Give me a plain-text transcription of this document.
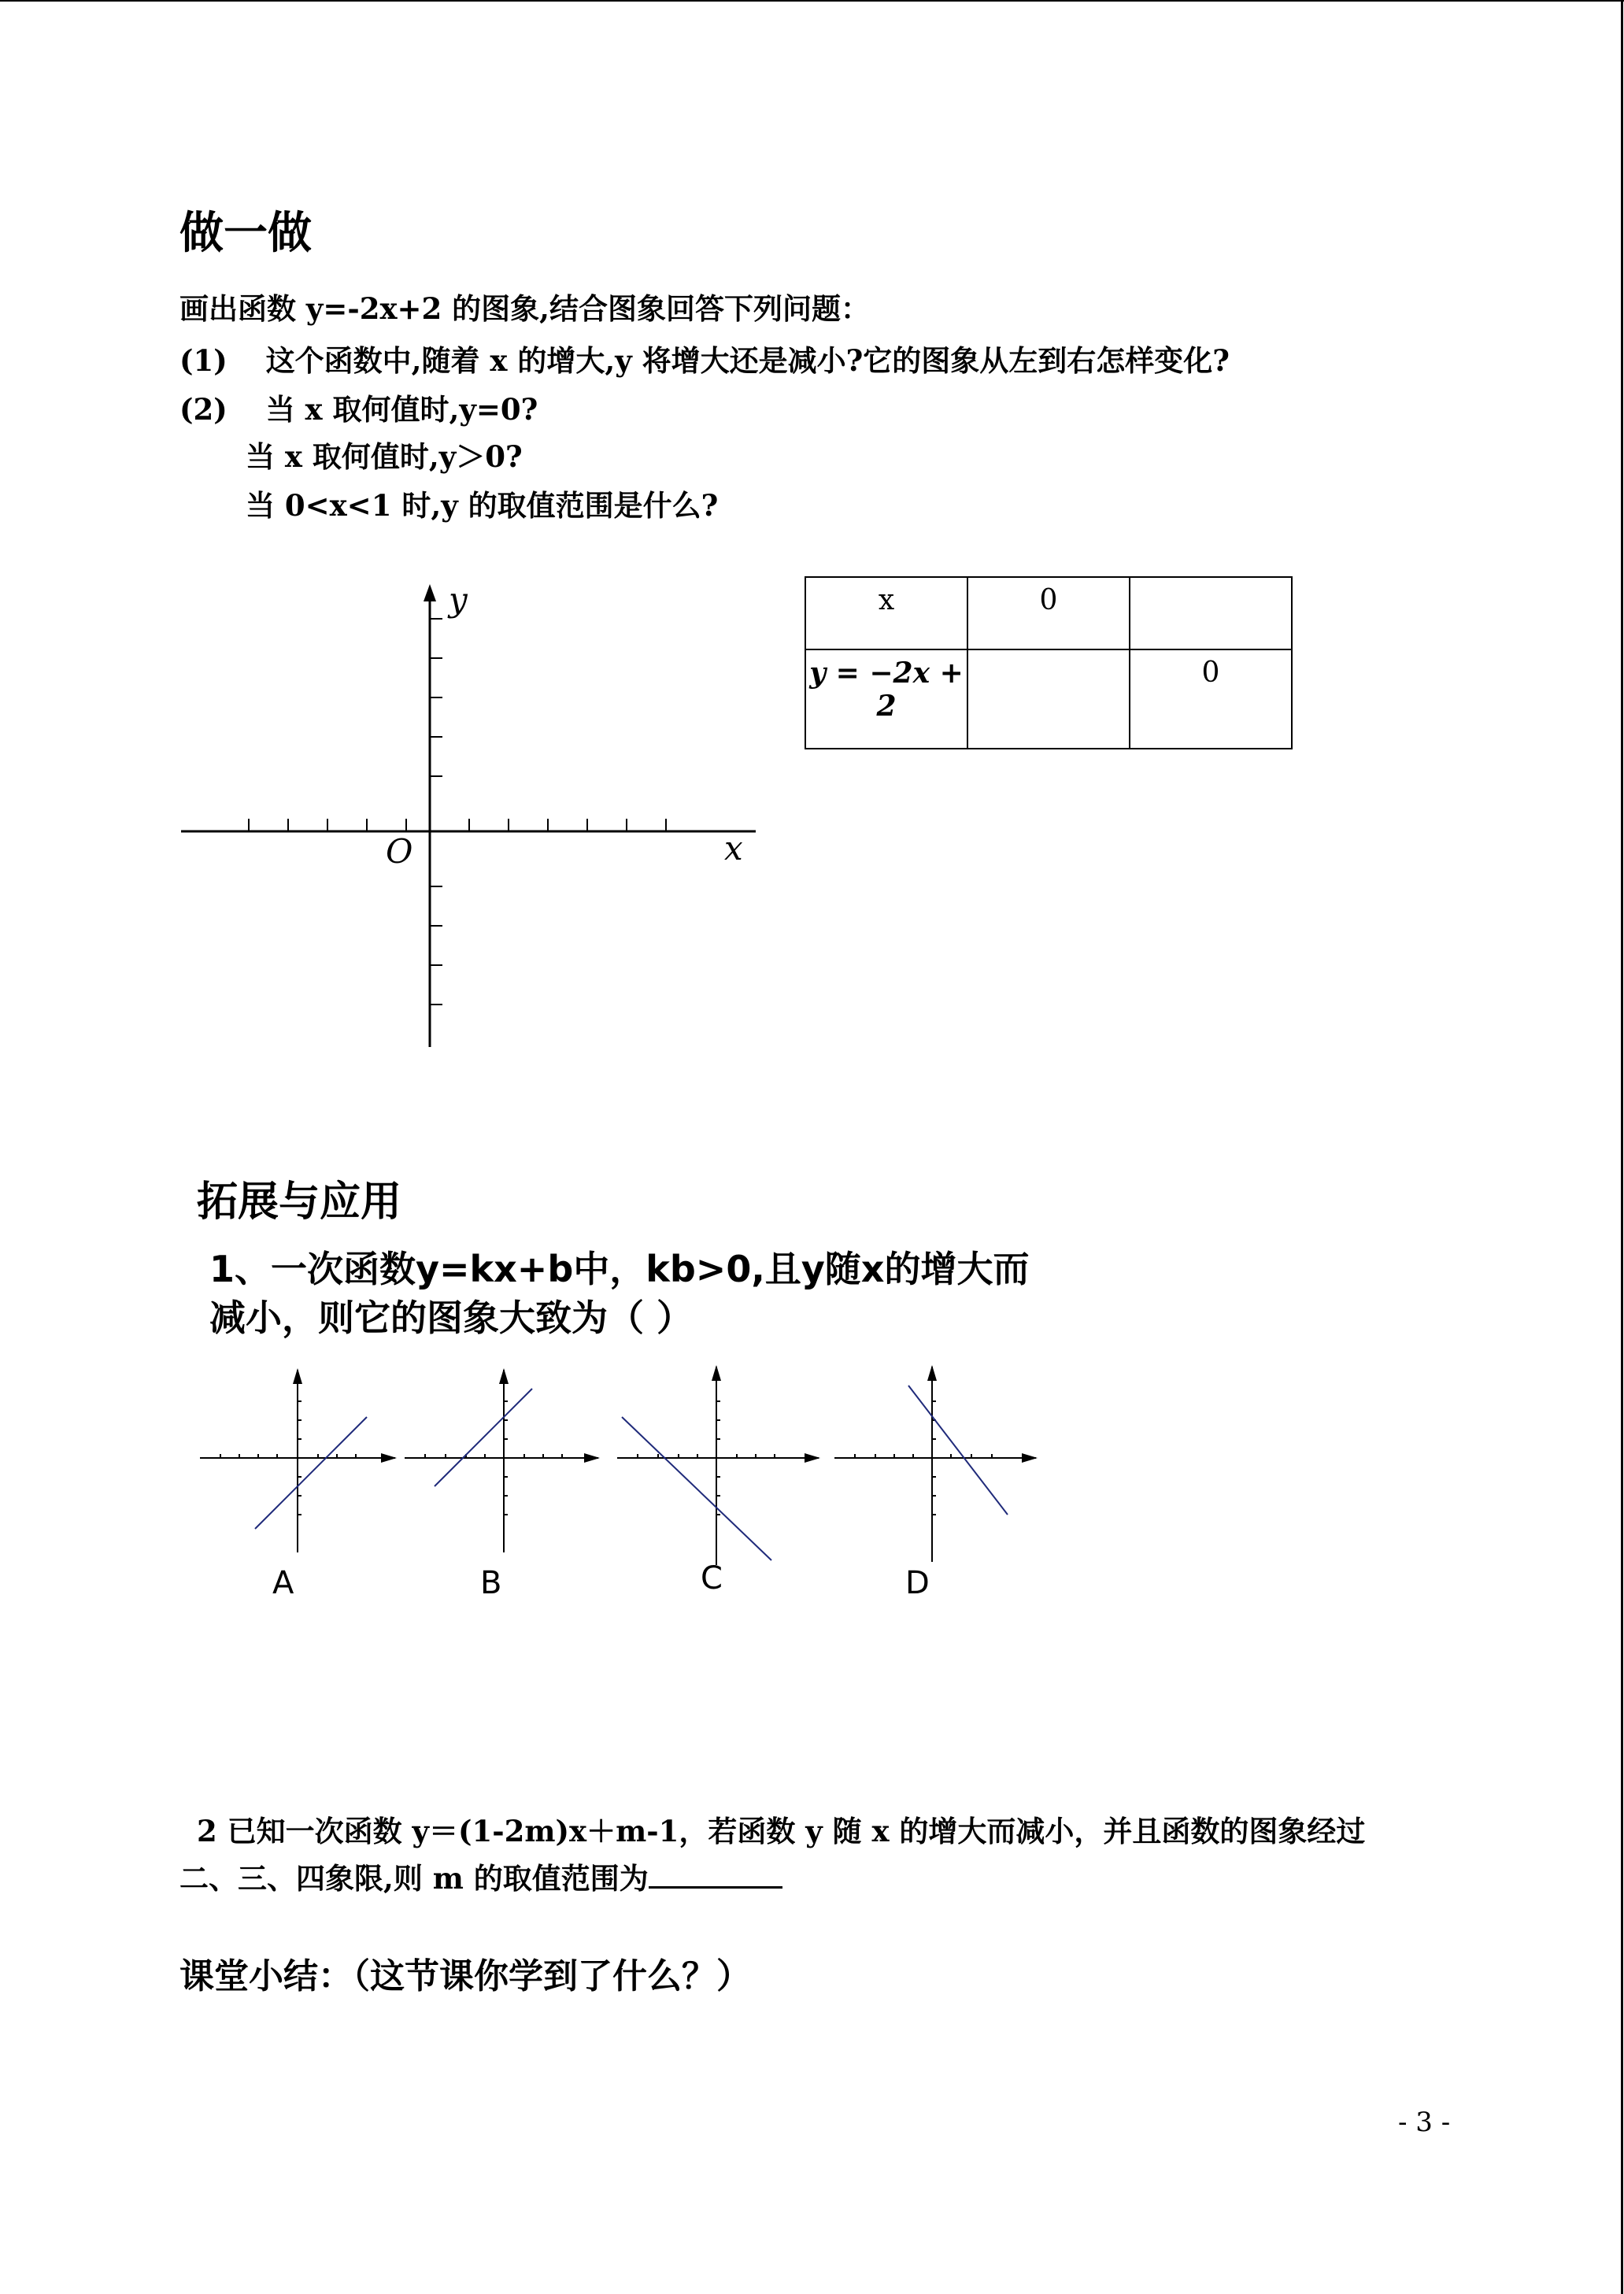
做一做
画出函数 y=-2x+2 的图象,结合图象回答下列问题：
(1) 这个函数中,随着 x 的增大,y 将增大还是减小?它的图象从左到右怎样变化?
(2) 当 x 取何值时,y=0?
当 x 取何值时,y＞0?
当 0<x<1 时,y 的取值范围是什么?
y
x
O
x	0	
y = −2x + 2		0
拓展与应用
1、一次函数y=kx+b中，kb>0,且y随x的增大而
减小，则它的图象大致为（ ）
A	B	C	D
2 已知一次函数 y＝(1-2m)x＋m-1，若函数 y 随 x 的增大而减小，并且函数的图象经过
二、三、四象限,则 m 的取值范围为
课堂小结：（这节课你学到了什么？）
- 3 -
